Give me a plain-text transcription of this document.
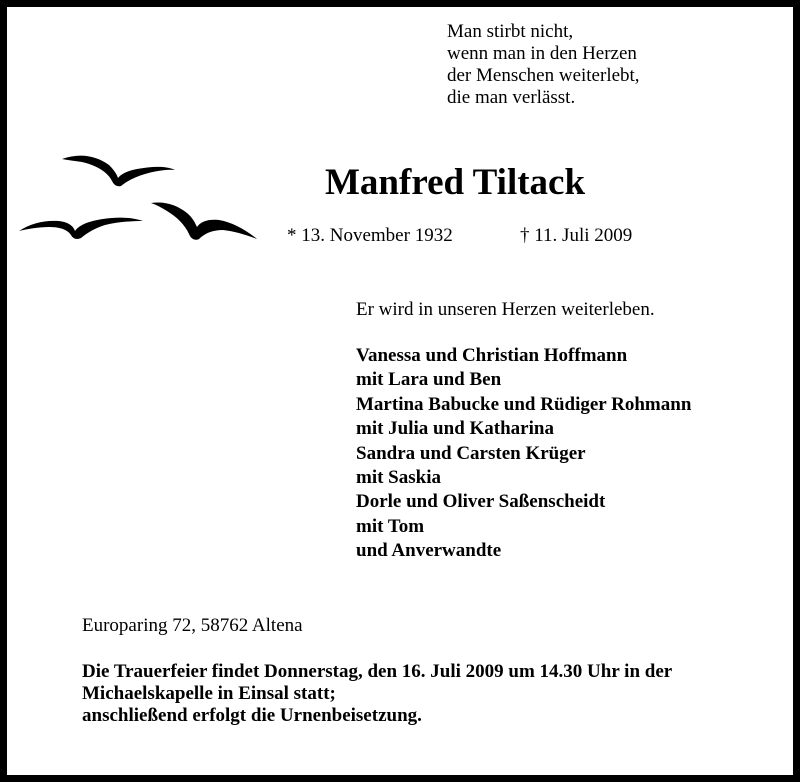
Man stirbt nicht,
wenn man in den Herzen
der Menschen weiterlebt,
die man verlässt.
Manfred Tiltack
* 13. November 1932	† 11. Juli 2009
Er wird in unseren Herzen weiterleben.
Vanessa und Christian Hoffmann
mit Lara und Ben
Martina Babucke und Rüdiger Rohmann
mit Julia und Katharina
Sandra und Carsten Krüger
mit Saskia
Dorle und Oliver Saßenscheidt
mit Tom
und Anverwandte
Europaring 72, 58762 Altena
Die Trauerfeier findet Donnerstag, den 16. Juli 2009 um 14.30 Uhr in der
Michaelskapelle in Einsal statt;
anschließend erfolgt die Urnenbeisetzung.
